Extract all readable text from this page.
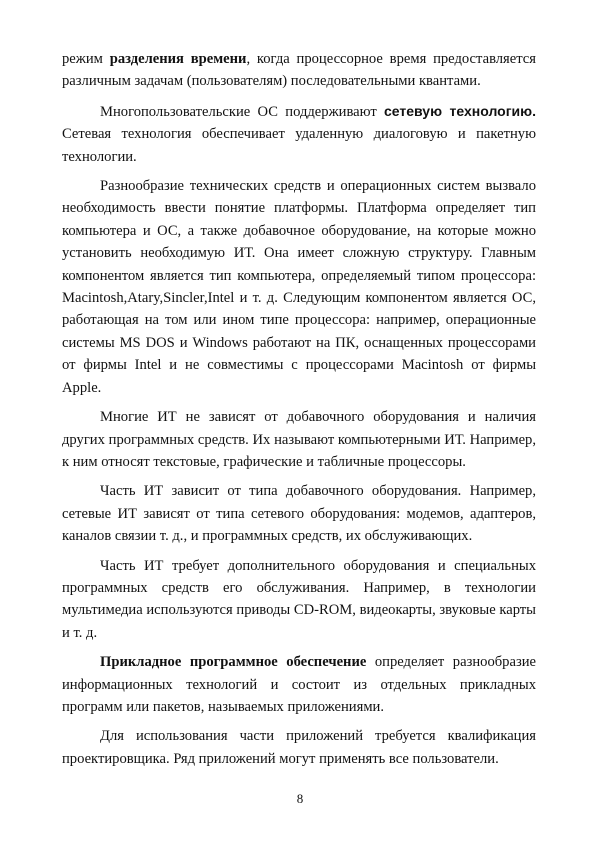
режим разделения времени, когда процессорное время предоставляется различным задачам (пользователям) последовательными квантами.

Многопользовательские ОС поддерживают сетевую технологию. Сетевая технология обеспечивает удаленную диалоговую и пакетную технологии.

Разнообразие технических средств и операционных систем вызвало необходимость ввести понятие платформы. Платформа определяет тип компьютера и ОС, а также добавочное оборудование, на которые можно установить необходимую ИТ. Она имеет сложную структуру. Главным компонентом является тип компьютера, определяемый типом процессора: Macintosh,Atary,Sincler,Intel и т. д. Следующим компонентом является ОС, работающая на том или ином типе процессора: например, операционные системы MS DOS и Windows работают на ПК, оснащенных процессорами от фирмы Intel и не совместимы с процессорами Macintosh от фирмы Apple.

Многие ИТ не зависят от добавочного оборудования и наличия других программных средств. Их называют компьютерными ИТ. Например, к ним относят текстовые, графические и табличные процессоры.

Часть ИТ зависит от типа добавочного оборудования. Например, сетевые ИТ зависят от типа сетевого оборудования: модемов, адаптеров, каналов связии т. д., и программных средств, их обслуживающих.

Часть ИТ требует дополнительного оборудования и специальных программных средств его обслуживания. Например, в технологии мультимедиа используются приводы CD-ROM, видеокарты, звуковые карты и т. д.

Прикладное программное обеспечение определяет разнообразие информационных технологий и состоит из отдельных прикладных программ или пакетов, называемых приложениями.

Для использования части приложений требуется квалификация проектировщика. Ряд приложений могут применять все пользователи.

8
